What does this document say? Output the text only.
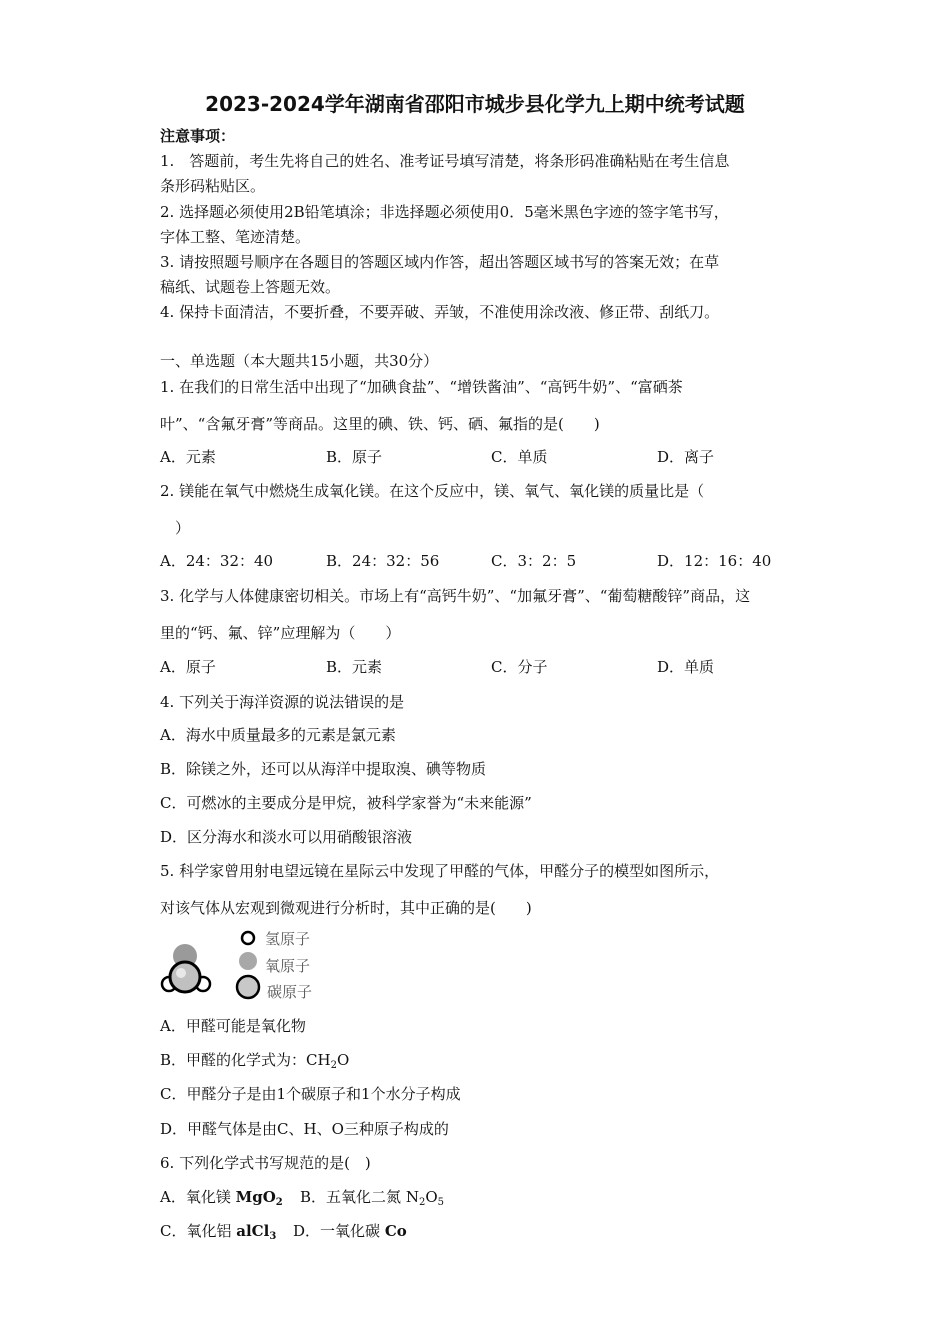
2023-2024学年湖南省邵阳市城步县化学九上期中统考试题
注意事项：
1.　答题前，考生先将自己的姓名、准考证号填写清楚，将条形码准确粘贴在考生信息
条形码粘贴区。
2. 选择题必须使用2B铅笔填涂；非选择题必须使用0．5毫米黑色字迹的签字笔书写，
字体工整、笔迹清楚。
3. 请按照题号顺序在各题目的答题区域内作答，超出答题区域书写的答案无效；在草
稿纸、试题卷上答题无效。
4. 保持卡面清洁，不要折叠，不要弄破、弄皱，不准使用涂改液、修正带、刮纸刀。
一、单选题（本大题共15小题，共30分）
1. 在我们的日常生活中出现了“加碘食盐”、“增铁酱油”、“高钙牛奶”、“富硒茶
叶”、“含氟牙膏”等商品。这里的碘、铁、钙、硒、氟指的是(　　)
A．元素	B．原子	C．单质	D．离子
2. 镁能在氧气中燃烧生成氧化镁。在这个反应中，镁、氧气、氧化镁的质量比是（
）
A．24：32：40	B．24：32：56	C．3：2：5	D．12：16：40
3. 化学与人体健康密切相关。市场上有“高钙牛奶”、“加氟牙膏”、“葡萄糖酸锌”商品，这
里的“钙、氟、锌”应理解为（　　）
A．原子	B．元素	C．分子	D．单质
4. 下列关于海洋资源的说法错误的是
A．海水中质量最多的元素是氯元素
B．除镁之外，还可以从海洋中提取溴、碘等物质
C．可燃冰的主要成分是甲烷，被科学家誉为“未来能源”
D．区分海水和淡水可以用硝酸银溶液
5. 科学家曾用射电望远镜在星际云中发现了甲醛的气体，甲醛分子的模型如图所示，
对该气体从宏观到微观进行分析时，其中正确的是(　　)
氢原子
氧原子
碳原子
A．甲醛可能是氧化物
B．甲醛的化学式为：$CH_2O$
C．甲醛分子是由1个碳原子和1个水分子构成
D．甲醛气体是由C、H、O三种原子构成的
6. 下列化学式书写规范的是(　)
A．氧化镁 MgO$_2$ B．五氧化二氮 $N_2O_5$
C．氧化铝 alCl$_3$ D．一氧化碳 Co
